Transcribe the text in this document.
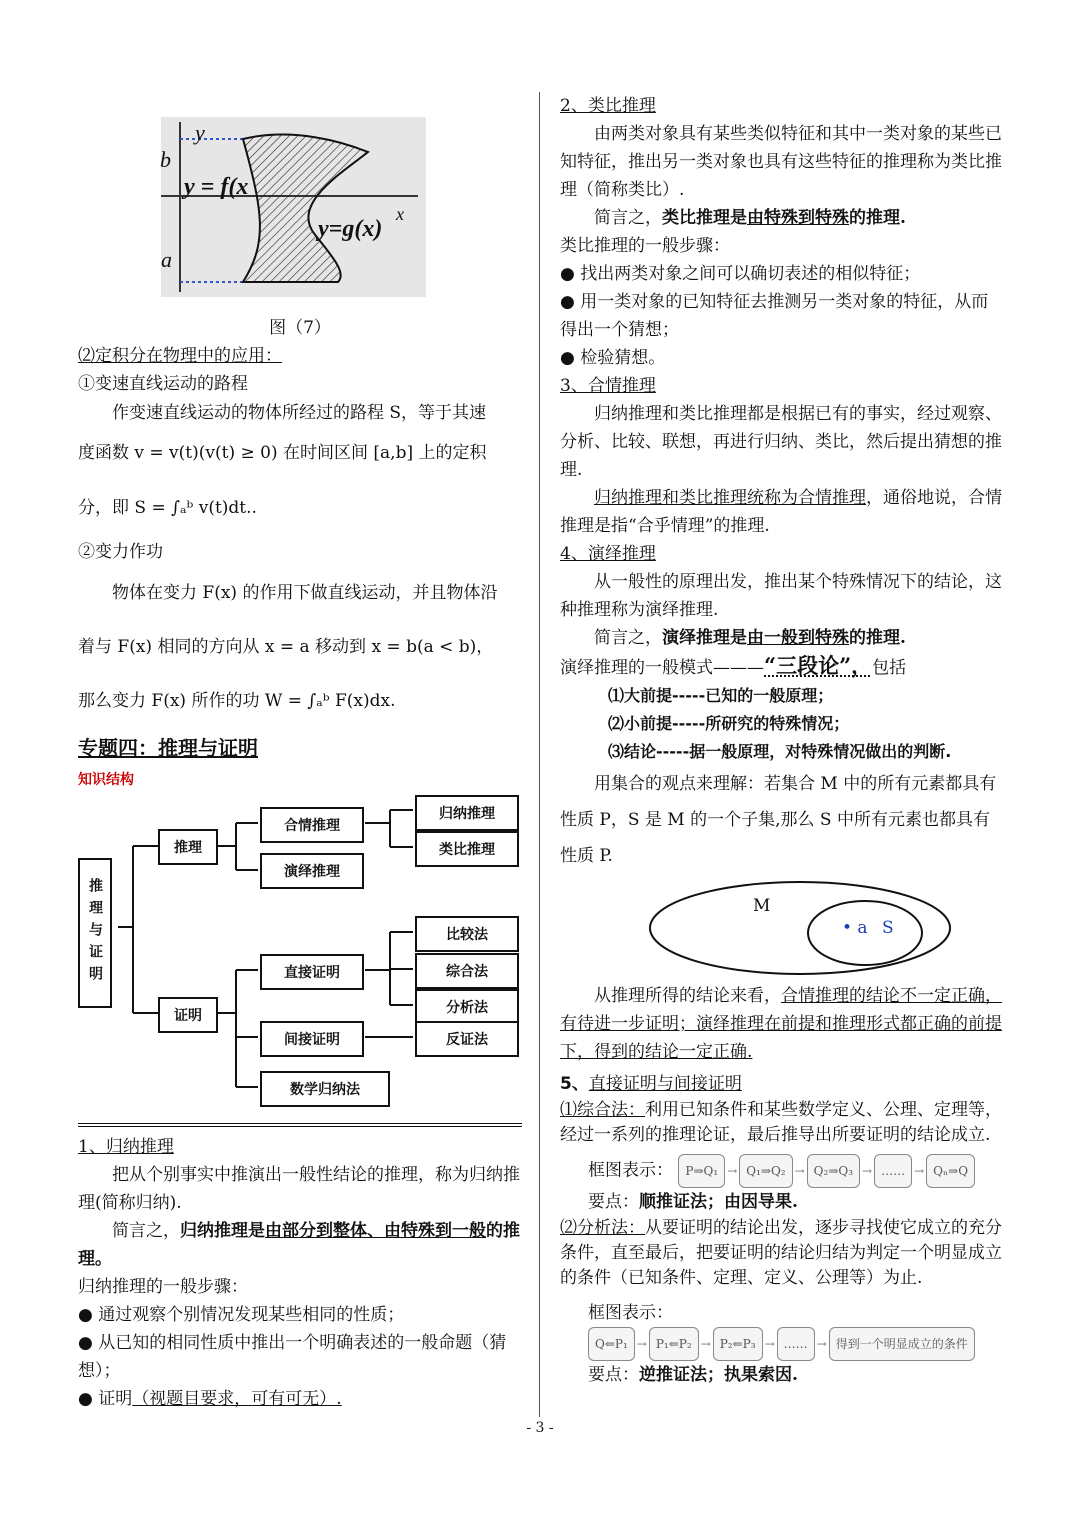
y
b
y = f(x
x
y=g(x)
a

图（7）

⑵定积分在物理中的应用：

①变速直线运动的路程

作变速直线运动的物体所经过的路程 S，等于其速

度函数 v = v(t)(v(t) ≥ 0) 在时间区间 [a,b] 上的定积

分，即 S = ∫ₐᵇ v(t)dt..

②变力作功

物体在变力 F(x) 的作用下做直线运动，并且物体沿

着与 F(x) 相同的方向从 x = a 移动到 x = b(a < b)，

那么变力 F(x) 所作的功 W = ∫ₐᵇ F(x)dx.

专题四：推理与证明
知识结构
推理与证明
推理
证明
合情推理
演绎推理
归纳推理
类比推理
直接证明
间接证明
数学归纳法
比较法
综合法
分析法
反证法

1、归纳推理

把从个别事实中推演出一般性结论的推理，称为归纳推理(简称归纳).

简言之，归纳推理是由部分到整体、由特殊到一般的推理。

归纳推理的一般步骤：

● 通过观察个别情况发现某些相同的性质；

● 从已知的相同性质中推出一个明确表述的一般命题（猜想）；

● 证明（视题目要求，可有可无）.

2、类比推理

由两类对象具有某些类似特征和其中一类对象的某些已知特征，推出另一类对象也具有这些特征的推理称为类比推理（简称类比）.

简言之，类比推理是由特殊到特殊的推理.

类比推理的一般步骤：

● 找出两类对象之间可以确切表述的相似特征；

● 用一类对象的已知特征去推测另一类对象的特征，从而得出一个猜想；

● 检验猜想。

3、合情推理

归纳推理和类比推理都是根据已有的事实，经过观察、分析、比较、联想，再进行归纳、类比，然后提出猜想的推理.

归纳推理和类比推理统称为合情推理，通俗地说，合情推理是指“合乎情理”的推理.

4、演绎推理

从一般性的原理出发，推出某个特殊情况下的结论，这种推理称为演绎推理.

简言之，演绎推理是由一般到特殊的推理.

演绎推理的一般模式———“三段论”，包括

⑴大前提-----已知的一般原理；

⑵小前提-----所研究的特殊情况；

⑶结论-----据一般原理，对特殊情况做出的判断.

用集合的观点来理解：若集合 M 中的所有元素都具有性质 P，S 是 M 的一个子集,那么 S 中所有元素也都具有性质 P.

M
• a S

从推理所得的结论来看，合情推理的结论不一定正确，有待进一步证明；演绎推理在前提和推理形式都正确的前提下，得到的结论一定正确.

5、直接证明与间接证明

⑴综合法：利用已知条件和某些数学定义、公理、定理等，经过一系列的推理论证，最后推导出所要证明的结论成立.

框图表示：	P⇒Q₁ → Q₁⇒Q₂ → Q₂⇒Q₃ → …… → Qₙ⇒Q

要点：顺推证法；由因导果.

⑵分析法：从要证明的结论出发，逐步寻找使它成立的充分条件，直至最后，把要证明的结论归结为判定一个明显成立的条件（已知条件、定理、定义、公理等）为止.

框图表示：
Q⇐P₁ → P₁⇐P₂ → P₂⇐P₃ → …… → 得到一个明显成立的条件

要点：逆推证法；执果索因.

- 3 -
